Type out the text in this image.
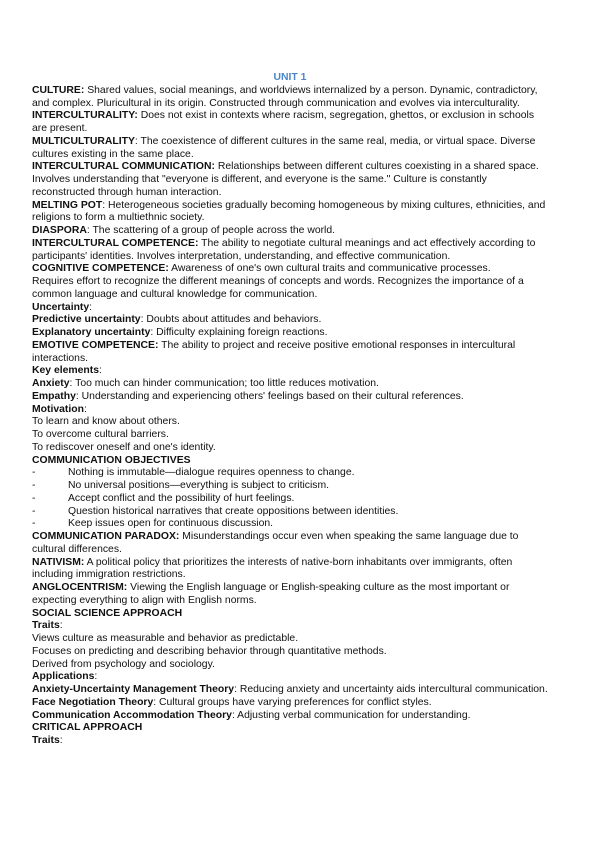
UNIT 1
CULTURE: Shared values, social meanings, and worldviews internalized by a person. Dynamic, contradictory, and complex. Pluricultural in its origin. Constructed through communication and evolves via interculturality.
INTERCULTURALITY: Does not exist in contexts where racism, segregation, ghettos, or exclusion in schools are present.
MULTICULTURALITY: The coexistence of different cultures in the same real, media, or virtual space. Diverse cultures existing in the same place.
INTERCULTURAL COMMUNICATION: Relationships between different cultures coexisting in a shared space. Involves understanding that "everyone is different, and everyone is the same." Culture is constantly reconstructed through human interaction.
MELTING POT: Heterogeneous societies gradually becoming homogeneous by mixing cultures, ethnicities, and religions to form a multiethnic society.
DIASPORA: The scattering of a group of people across the world.
INTERCULTURAL COMPETENCE: The ability to negotiate cultural meanings and act effectively according to participants' identities. Involves interpretation, understanding, and effective communication.
COGNITIVE COMPETENCE: Awareness of one's own cultural traits and communicative processes.
Requires effort to recognize the different meanings of concepts and words. Recognizes the importance of a common language and cultural knowledge for communication.
Uncertainty:
Predictive uncertainty: Doubts about attitudes and behaviors.
Explanatory uncertainty: Difficulty explaining foreign reactions.
EMOTIVE COMPETENCE: The ability to project and receive positive emotional responses in intercultural interactions.
Key elements:
Anxiety: Too much can hinder communication; too little reduces motivation.
Empathy: Understanding and experiencing others' feelings based on their cultural references.
Motivation:
To learn and know about others.
To overcome cultural barriers.
To rediscover oneself and one's identity.
COMMUNICATION OBJECTIVES
-	Nothing is immutable—dialogue requires openness to change.
-	No universal positions—everything is subject to criticism.
-	Accept conflict and the possibility of hurt feelings.
-	Question historical narratives that create oppositions between identities.
-	Keep issues open for continuous discussion.
COMMUNICATION PARADOX: Misunderstandings occur even when speaking the same language due to cultural differences.
NATIVISM: A political policy that prioritizes the interests of native-born inhabitants over immigrants, often including immigration restrictions.
ANGLOCENTRISM: Viewing the English language or English-speaking culture as the most important or expecting everything to align with English norms.
SOCIAL SCIENCE APPROACH
Traits:
Views culture as measurable and behavior as predictable.
Focuses on predicting and describing behavior through quantitative methods.
Derived from psychology and sociology.
Applications:
Anxiety-Uncertainty Management Theory: Reducing anxiety and uncertainty aids intercultural communication.
Face Negotiation Theory: Cultural groups have varying preferences for conflict styles.
Communication Accommodation Theory: Adjusting verbal communication for understanding.
CRITICAL APPROACH
Traits:
